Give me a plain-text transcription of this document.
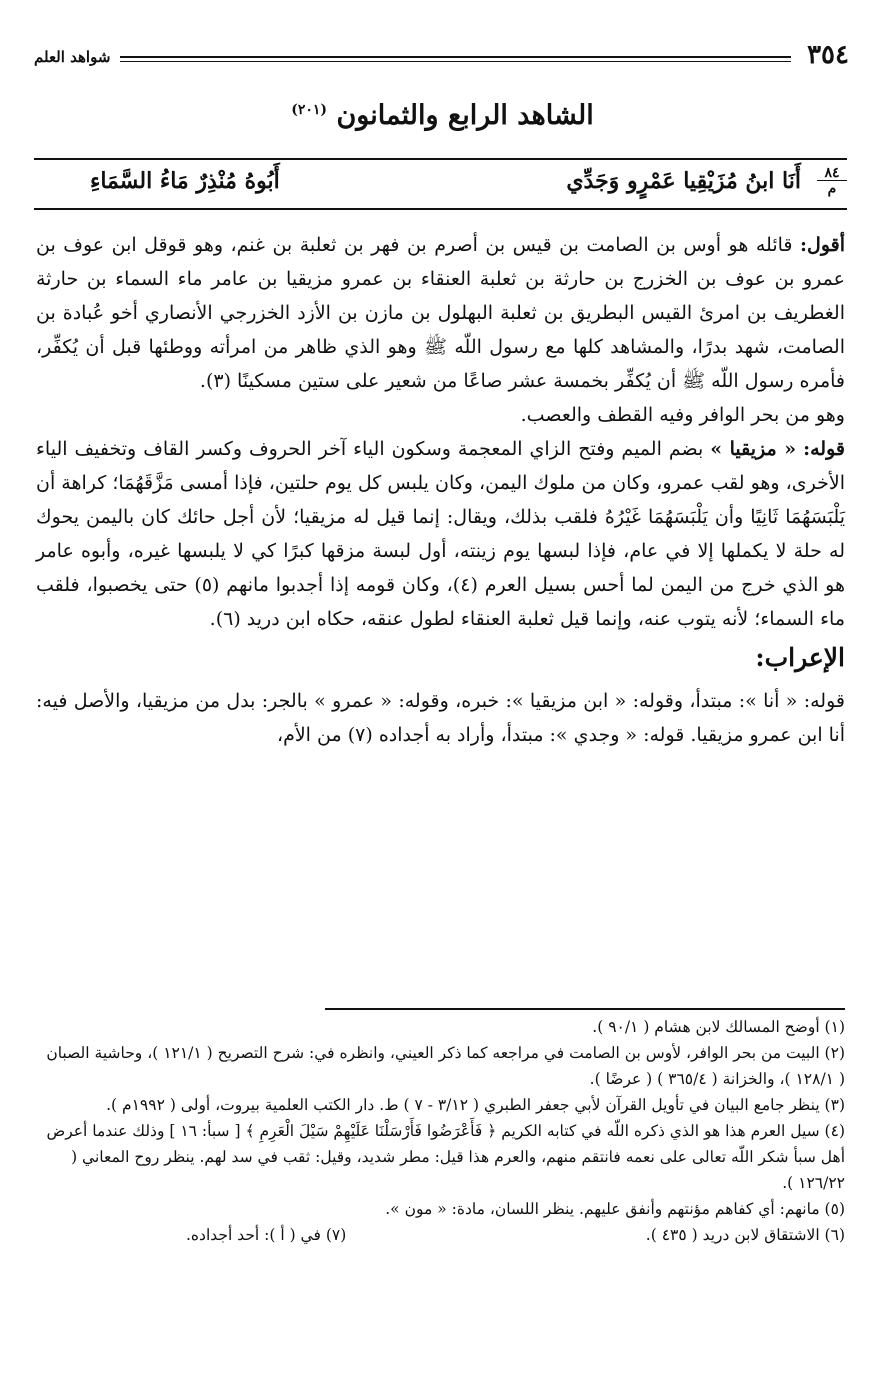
٣٥٤
شواهد العلم
الشاهد الرابع والثمانون $^{(٢٠١)}$
٨٤
م
أَنَا ابنُ مُزَيْقِيا عَمْرٍو وَجَدِّي
أَبُوهُ مُنْذِرٌ مَاءُ السَّمَاءِ

أقول: قائله هو أوس بن الصامت بن قيس بن أصرم بن فهر بن ثعلبة بن غنم، وهو قوقل ابن عوف بن عمرو بن عوف بن الخزرج بن حارثة بن ثعلبة العنقاء بن عمرو مزيقيا بن عامر ماء السماء بن حارثة الغطريف بن امرئ القيس البطريق بن ثعلبة البهلول بن مازن بن الأزد الخزرجي الأنصاري أخو عُبادة بن الصامت، شهد بدرًا، والمشاهد كلها مع رسول اللّه ﷺ وهو الذي ظاهر من امرأته ووطئها قبل أن يُكفِّر، فأمره رسول اللّه ﷺ أن يُكفِّر بخمسة عشر صاعًا من شعير على ستين مسكينًا (٣).

وهو من بحر الوافر وفيه القطف والعصب.

قوله: « مزيقيا » بضم الميم وفتح الزاي المعجمة وسكون الياء آخر الحروف وكسر القاف وتخفيف الياء الأخرى، وهو لقب عمرو، وكان من ملوك اليمن، وكان يلبس كل يوم حلتين، فإذا أمسى مَزَّقَهُمَا؛ كراهة أن يَلْبَسَهُمَا ثَانِيًا وأن يَلْبَسَهُمَا غَيْرُهُ فلقب بذلك، ويقال: إنما قيل له مزيقيا؛ لأن أجل حائك كان باليمن يحوك له حلة لا يكملها إلا في عام، فإذا لبسها يوم زينته، أول لبسة مزقها كبرًا كي لا يلبسها غيره، وأبوه عامر هو الذي خرج من اليمن لما أحس بسيل العرم (٤)، وكان قومه إذا أجدبوا مانهم (٥) حتى يخصبوا، فلقب ماء السماء؛ لأنه يتوب عنه، وإنما قيل ثعلبة العنقاء لطول عنقه، حكاه ابن دريد (٦).

الإعراب:

قوله: « أنا »: مبتدأ، وقوله: « ابن مزيقيا »: خبره، وقوله: « عمرو » بالجر: بدل من مزيقيا، والأصل فيه: أنا ابن عمرو مزيقيا. قوله: « وجدي »: مبتدأ، وأراد به أجداده (٧) من الأم،

(١) أوضح المسالك لابن هشام ( ٩٠/١ ).

(٢) البيت من بحر الوافر، لأوس بن الصامت في مراجعه كما ذكر العيني، وانظره في: شرح التصريح ( ١٢١/١ )، وحاشية الصبان ( ١٢٨/١ )، والخزانة ( ٣٦٥/٤ ) ( عرضًا ).

(٣) ينظر جامع البيان في تأويل القرآن لأبي جعفر الطبري ( ٣/١٢ - ٧ ) ط. دار الكتب العلمية بيروت، أولى ( ١٩٩٢م ).

(٤) سيل العرم هذا هو الذي ذكره اللّه في كتابه الكريم ﴿ فَأَعْرَضُوا فَأَرْسَلْنَا عَلَيْهِمْ سَيْلَ الْعَرِمِ ﴾ [ سبأ: ١٦ ] وذلك عندما أعرض أهل سبأ شكر اللّه تعالى على نعمه فانتقم منهم، والعرم هذا قيل: مطر شديد، وقيل: ثقب في سد لهم. ينظر روح المعاني ( ١٢٦/٢٢ ).

(٥) مانهم: أي كفاهم مؤنتهم وأنفق عليهم. ينظر اللسان، مادة: « مون ».

(٦) الاشتقاق لابن دريد ( ٤٣٥ ).
(٧) في ( أ ): أحد أجداده.
